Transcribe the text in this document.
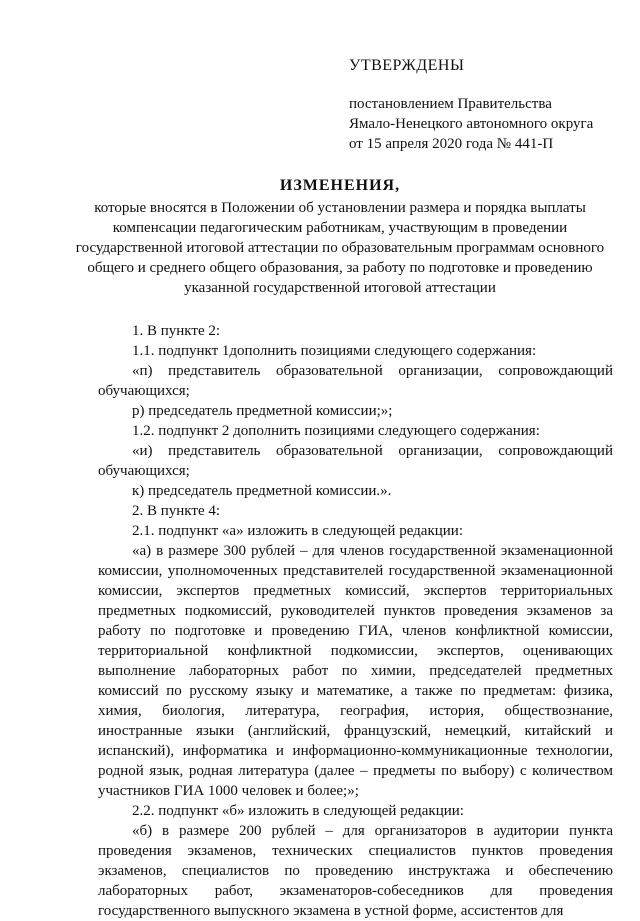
УТВЕРЖДЕНЫ
постановлением Правительства
Ямало-Ненецкого автономного округа
от 15 апреля 2020 года № 441-П
ИЗМЕНЕНИЯ,
которые вносятся в Положении об установлении размера и порядка выплаты компенсации педагогическим работникам, участвующим в проведении государственной итоговой аттестации по образовательным программам основного общего и среднего общего образования, за работу по подготовке и проведению указанной государственной итоговой аттестации

1. В пункте 2:

1.1. подпункт 1дополнить позициями следующего содержания:

«п) представитель образовательной организации, сопровождающий обучающихся;

р) председатель предметной комиссии;»;

1.2. подпункт 2 дополнить позициями следующего содержания:

«и) представитель образовательной организации, сопровождающий обучающихся;

к) председатель предметной комиссии.».

2. В пункте 4:

2.1. подпункт «а» изложить в следующей редакции:

«а) в размере 300 рублей – для членов государственной экзаменационной комиссии, уполномоченных представителей государственной экзаменационной комиссии, экспертов предметных комиссий, экспертов территориальных предметных подкомиссий, руководителей пунктов проведения экзаменов за работу по подготовке и проведению ГИА, членов конфликтной комиссии, территориальной конфликтной подкомиссии, экспертов, оценивающих выполнение лабораторных работ по химии, председателей предметных комиссий по русскому языку и математике, а также по предметам: физика, химия, биология, литература, география, история, обществознание, иностранные языки (английский, французский, немецкий, китайский и испанский), информатика и информационно-коммуникационные технологии, родной язык, родная литература (далее – предметы по выбору) с количеством участников ГИА 1000 человек и более;»;

2.2. подпункт «б» изложить в следующей редакции:

«б) в размере 200 рублей – для организаторов в аудитории пункта проведения экзаменов, технических специалистов пунктов проведения экзаменов, специалистов по проведению инструктажа и обеспечению лабораторных работ, экзаменаторов-собеседников для проведения государственного выпускного экзамена в устной форме, ассистентов для
